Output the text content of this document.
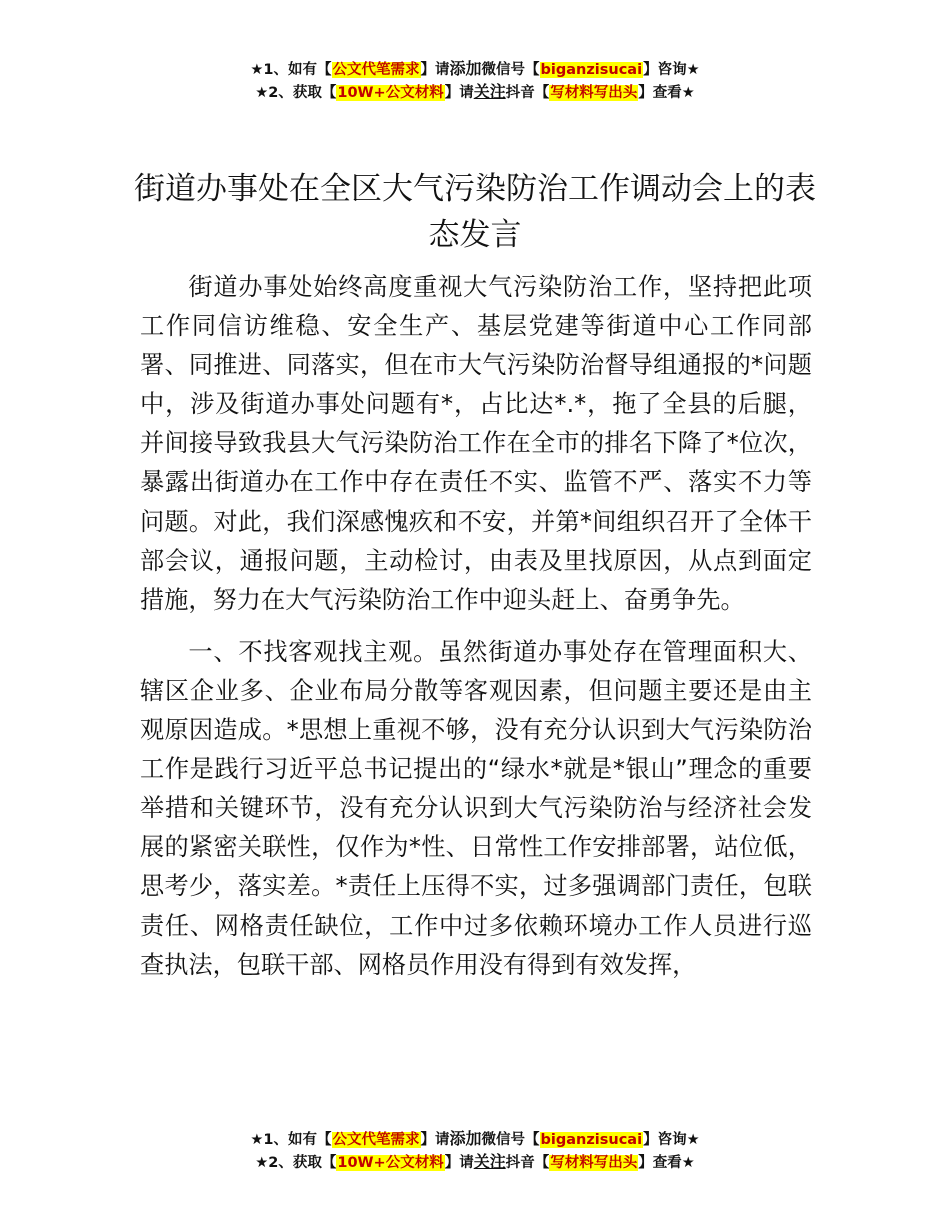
★1、如有【公文代笔需求】请添加微信号【biganzisucai】咨询★
★2、获取【10W+公文材料】请关注抖音【写材料写出头】查看★
街道办事处在全区大气污染防治工作调动会上的表态发言

街道办事处始终高度重视大气污染防治工作，坚持把此项工作同信访维稳、安全生产、基层党建等街道中心工作同部署、同推进、同落实，但在市大气污染防治督导组通报的*问题中，涉及街道办事处问题有*，占比达*.*，拖了全县的后腿，并间接导致我县大气污染防治工作在全市的排名下降了*位次，暴露出街道办在工作中存在责任不实、监管不严、落实不力等问题。对此，我们深感愧疚和不安，并第*间组织召开了全体干部会议，通报问题，主动检讨，由表及里找原因，从点到面定措施，努力在大气污染防治工作中迎头赶上、奋勇争先。

一、不找客观找主观。虽然街道办事处存在管理面积大、辖区企业多、企业布局分散等客观因素，但问题主要还是由主观原因造成。*思想上重视不够，没有充分认识到大气污染防治工作是践行习近平总书记提出的“绿水*就是*银山”理念的重要举措和关键环节，没有充分认识到大气污染防治与经济社会发展的紧密关联性，仅作为*性、日常性工作安排部署，站位低，思考少，落实差。*责任上压得不实，过多强调部门责任，包联责任、网格责任缺位，工作中过多依赖环境办工作人员进行巡查执法，包联干部、网格员作用没有得到有效发挥，

★1、如有【公文代笔需求】请添加微信号【biganzisucai】咨询★
★2、获取【10W+公文材料】请关注抖音【写材料写出头】查看★
